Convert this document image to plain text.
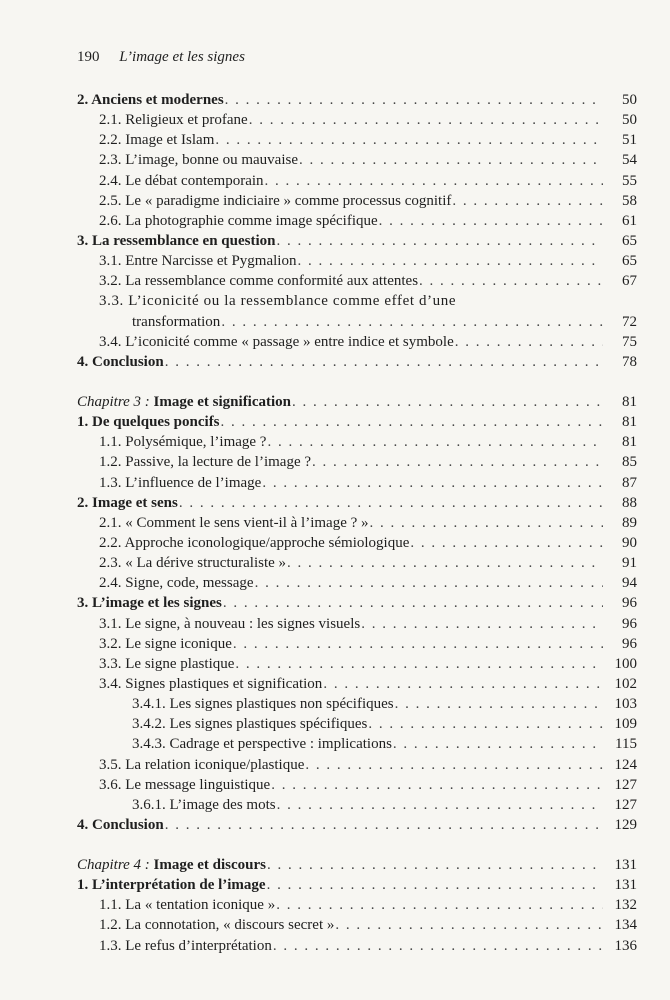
190 L’image et les signes
2. Anciens et modernes . . .	50
2.1. Religieux et profane . . .	50
2.2. Image et Islam . . .	51
2.3. L’image, bonne ou mauvaise . . .	54
2.4. Le débat contemporain . . .	55
2.5. Le « paradigme indiciaire » comme processus cognitif . . .	58
2.6. La photographie comme image spécifique . . .	61
3. La ressemblance en question . . .	65
3.1. Entre Narcisse et Pygmalion . . .	65
3.2. La ressemblance comme conformité aux attentes . . .	67
3.3. L’iconicité ou la ressemblance comme effet d’une
transformation . . .	72
3.4. L’iconicité comme « passage » entre indice et symbole . . .	75
4. Conclusion . . .	78
Chapitre 3 : Image et signification . . .	81
1. De quelques poncifs . . .	81
1.1. Polysémique, l’image ? . . .	81
1.2. Passive, la lecture de l’image ? . . .	85
1.3. L’influence de l’image . . .	87
2. Image et sens . . .	88
2.1. « Comment le sens vient-il à l’image ? » . . .	89
2.2. Approche iconologique/approche sémiologique . . .	90
2.3. « La dérive structuraliste » . . .	91
2.4. Signe, code, message . . .	94
3. L’image et les signes . . .	96
3.1. Le signe, à nouveau : les signes visuels . . .	96
3.2. Le signe iconique . . .	96
3.3. Le signe plastique . . .	100
3.4. Signes plastiques et signification . . .	102
3.4.1. Les signes plastiques non spécifiques . . .	103
3.4.2. Les signes plastiques spécifiques . . .	109
3.4.3. Cadrage et perspective : implications . . .	115
3.5. La relation iconique/plastique . . .	124
3.6. Le message linguistique . . .	127
3.6.1. L’image des mots . . .	127
4. Conclusion . . .	129
Chapitre 4 : Image et discours . . .	131
1. L’interprétation de l’image . . .	131
1.1. La « tentation iconique » . . .	132
1.2. La connotation, « discours secret » . . .	134
1.3. Le refus d’interprétation . . .	136
